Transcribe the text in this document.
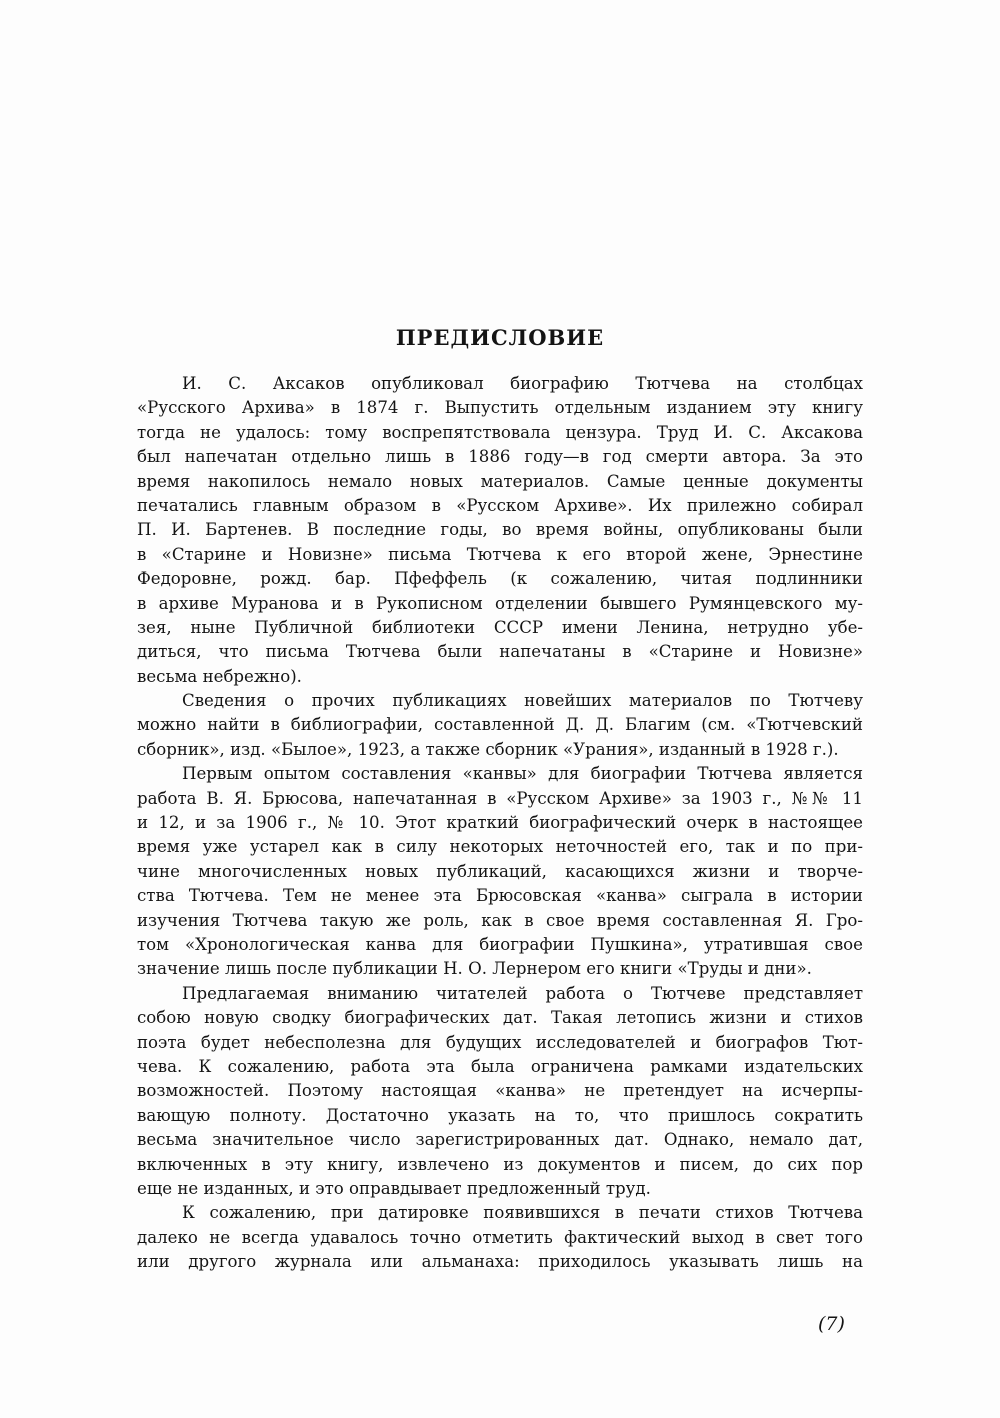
ПРЕДИСЛОВИЕ
И. С. Аксаков опубликовал биографию Тютчева на столбцах
«Русского Архива» в 1874 г. Выпустить отдельным изданием эту книгу
тогда не удалось: тому воспрепятствовала цензура. Труд И. С. Аксакова
был напечатан отдельно лишь в 1886 году—в год смерти автора. За это
время накопилось немало новых материалов. Самые ценные документы
печатались главным образом в «Русском Архиве». Их прилежно собирал
П. И. Бартенев. В последние годы, во время войны, опубликованы были
в «Старине и Новизне» письма Тютчева к его второй жене, Эрнестине
Федоровне, рожд. бар. Пфеффель (к сожалению, читая подлинники
в архиве Муранова и в Рукописном отделении бывшего Румянцевского му-
зея, ныне Публичной библиотеки СССР имени Ленина, нетрудно убе-
диться, что письма Тютчева были напечатаны в «Старине и Новизне»
весьма небрежно).
Сведения о прочих публикациях новейших материалов по Тютчеву
можно найти в библиографии, составленной Д. Д. Благим (см. «Тютчевский
сборник», изд. «Былое», 1923, а также сборник «Урания», изданный в 1928 г.).
Первым опытом составления «канвы» для биографии Тютчева является
работа В. Я. Брюсова, напечатанная в «Русском Архиве» за 1903 г., №№ 11
и 12, и за 1906 г., № 10. Этот краткий биографический очерк в настоящее
время уже устарел как в силу некоторых неточностей его, так и по при-
чине многочисленных новых публикаций, касающихся жизни и творче-
ства Тютчева. Тем не менее эта Брюсовская «канва» сыграла в истории
изучения Тютчева такую же роль, как в свое время составленная Я. Гро-
том «Хронологическая канва для биографии Пушкина», утратившая свое
значение лишь после публикации Н. О. Лернером его книги «Труды и дни».
Предлагаемая вниманию читателей работа о Тютчеве представляет
собою новую сводку биографических дат. Такая летопись жизни и стихов
поэта будет небесполезна для будущих исследователей и биографов Тют-
чева. К сожалению, работа эта была ограничена рамками издательских
возможностей. Поэтому настоящая «канва» не претендует на исчерпы-
вающую полноту. Достаточно указать на то, что пришлось сократить
весьма значительное число зарегистрированных дат. Однако, немало дат,
включенных в эту книгу, извлечено из документов и писем, до сих пор
еще не изданных, и это оправдывает предложенный труд.
К сожалению, при датировке появившихся в печати стихов Тютчева
далеко не всегда удавалось точно отметить фактический выход в свет того
или другого журнала или альманаха: приходилось указывать лишь на
(7)
